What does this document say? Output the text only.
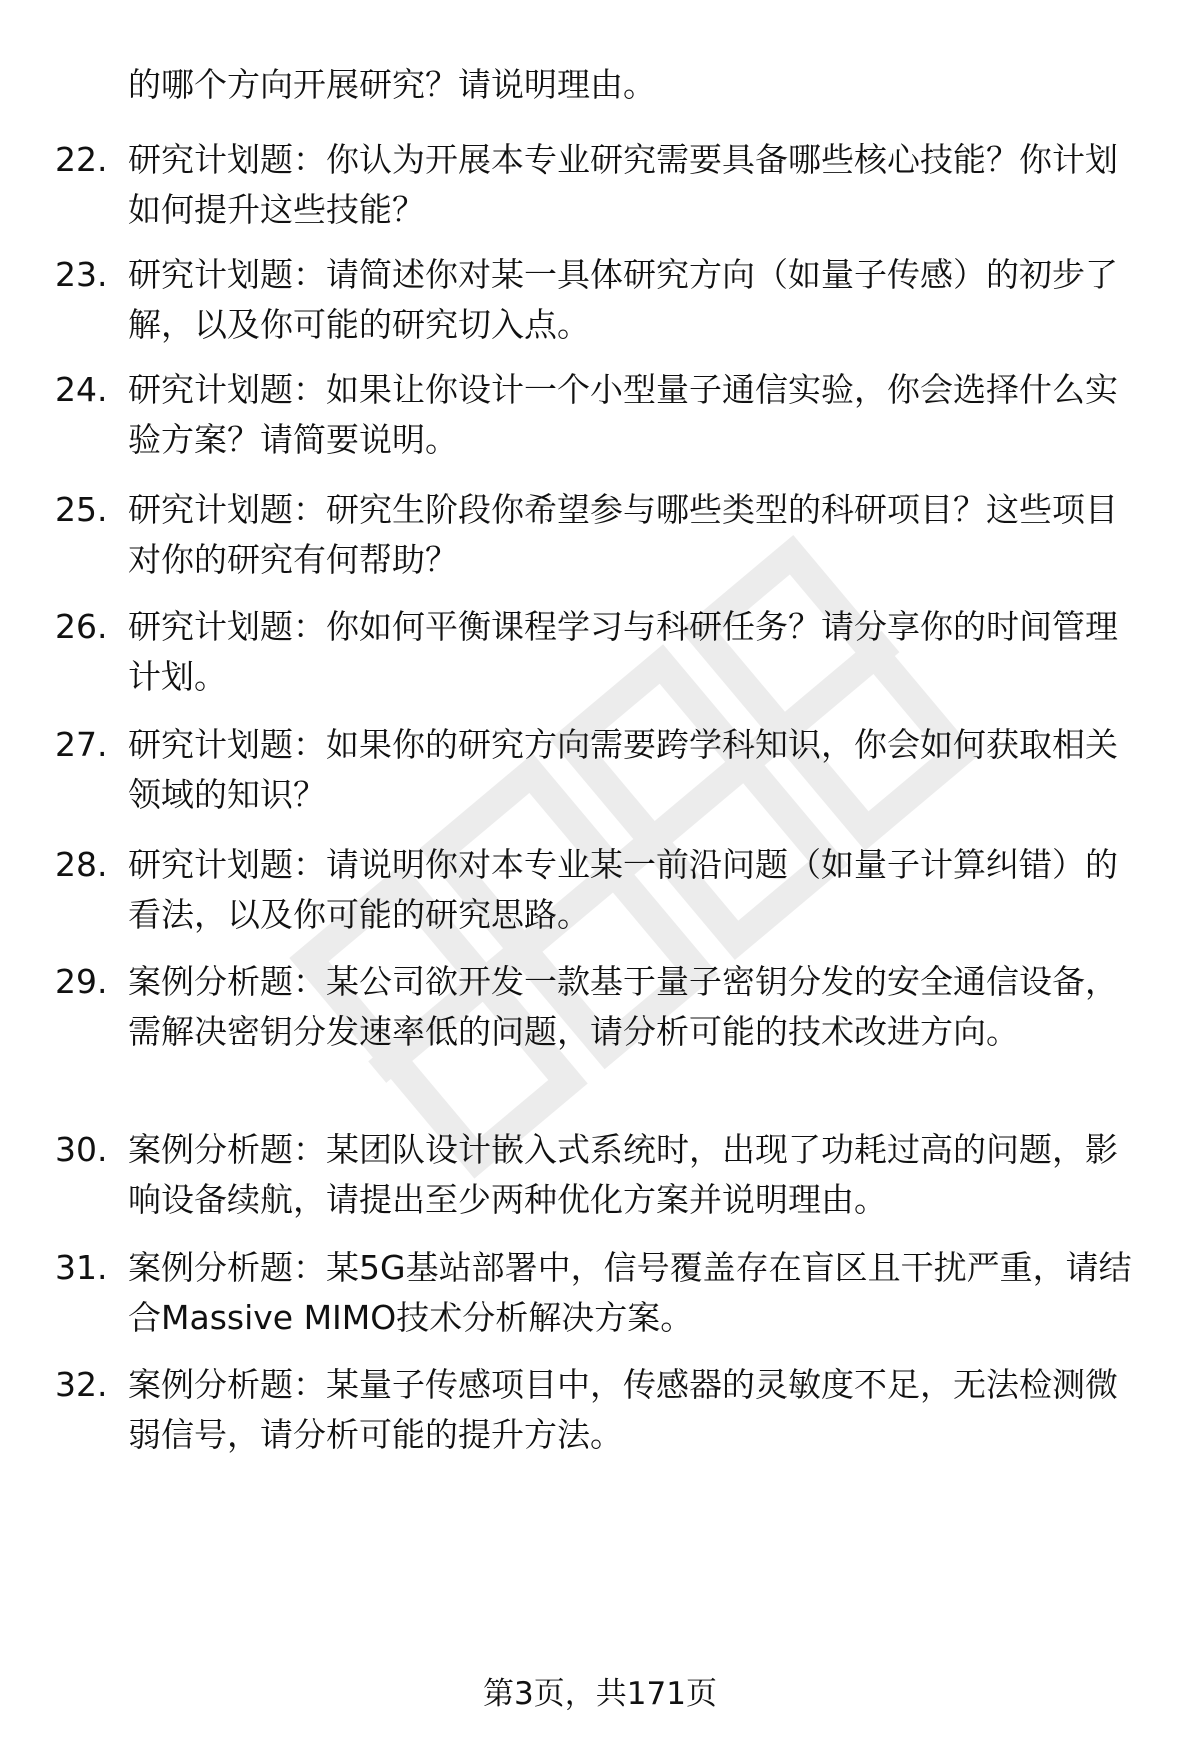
的哪个方向开展研究？请说明理由。

22. 研究计划题：你认为开展本专业研究需要具备哪些核心技能？你计划如何提升这些技能？
23. 研究计划题：请简述你对某一具体研究方向（如量子传感）的初步了解，以及你可能的研究切入点。
24. 研究计划题：如果让你设计一个小型量子通信实验，你会选择什么实验方案？请简要说明。
25. 研究计划题：研究生阶段你希望参与哪些类型的科研项目？这些项目对你的研究有何帮助？
26. 研究计划题：你如何平衡课程学习与科研任务？请分享你的时间管理计划。
27. 研究计划题：如果你的研究方向需要跨学科知识，你会如何获取相关领域的知识？
28. 研究计划题：请说明你对本专业某一前沿问题（如量子计算纠错）的看法，以及你可能的研究思路。
29. 案例分析题：某公司欲开发一款基于量子密钥分发的安全通信设备，需解决密钥分发速率低的问题，请分析可能的技术改进方向。
30. 案例分析题：某团队设计嵌入式系统时，出现了功耗过高的问题，影响设备续航，请提出至少两种优化方案并说明理由。
31. 案例分析题：某5G基站部署中，信号覆盖存在盲区且干扰严重，请结合Massive MIMO技术分析解决方案。
32. 案例分析题：某量子传感项目中，传感器的灵敏度不足，无法检测微弱信号，请分析可能的提升方法。
第3页，共171页
